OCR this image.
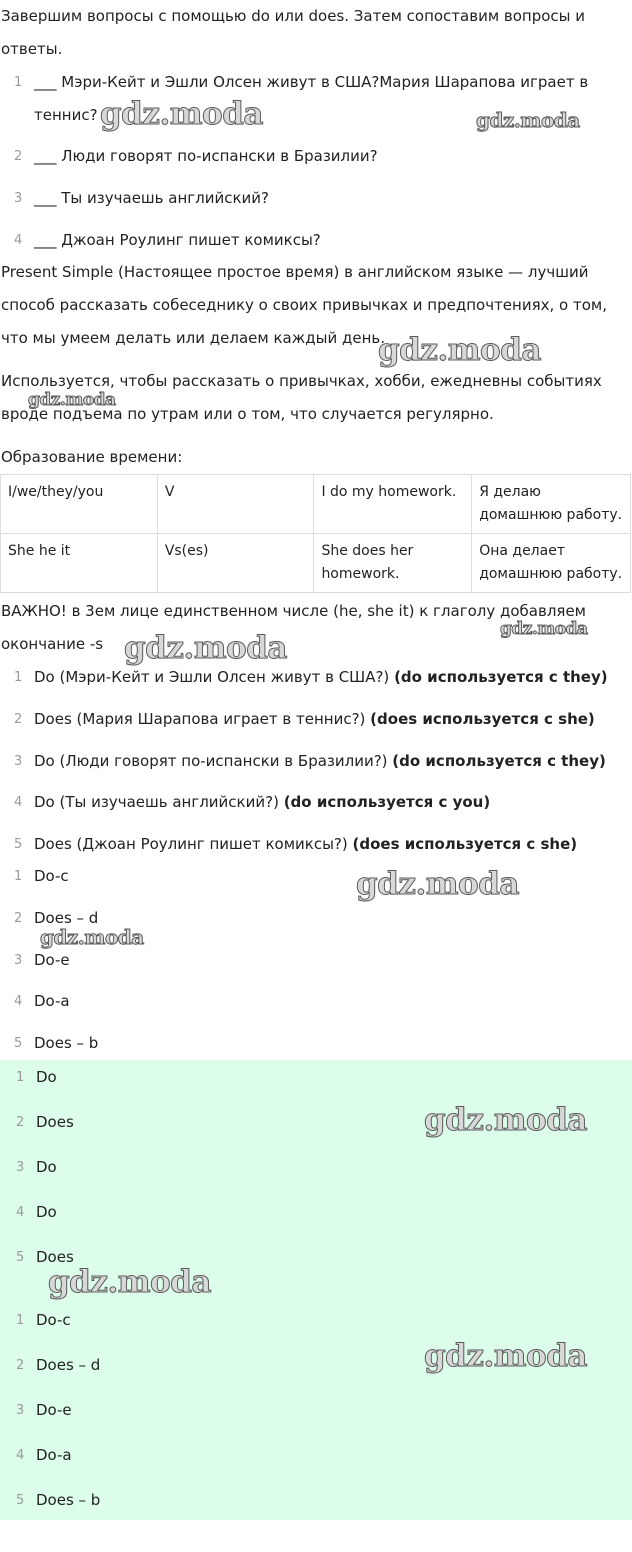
Завершим вопросы с помощью do или does. Затем сопоставим вопросы и ответы.

1 ___ Мэри-Кейт и Эшли Олсен живут в США?Мария Шарапова играет в теннис?
2 ___ Люди говорят по-испански в Бразилии?
3 ___ Ты изучаешь английский?
4 ___ Джоан Роулинг пишет комиксы?

Present Simple (Настоящее простое время) в английском языке — лучший способ рассказать собеседнику о своих привычках и предпочтениях, о том, что мы умеем делать или делаем каждый день.

Используется, чтобы рассказать о привычках, хобби, ежедневны событиях вроде подъема по утрам или о том, что случается регулярно.

Образование времени:

I/we/they/you	V	I do my homework.	Я делаю домашнюю работу.
She he it	Vs(es)	She does her homework.	Она делает домашнюю работу.

ВАЖНО! в 3ем лице единственном числе (he, she it) к глаголу добавляем окончание -s

1 Do (Мэри-Кейт и Эшли Олсен живут в США?) (do используется с they)
2 Does (Мария Шарапова играет в теннис?) (does используется с she)
3 Do (Люди говорят по-испански в Бразилии?) (do используется с they)
4 Do (Ты изучаешь английский?) (do используется с you)
5 Does (Джоан Роулинг пишет комиксы?) (does используется с she)
1 Do-c
2 Does – d
3 Do-e
4 Do-a
5 Does – b
1 Do
2 Does
3 Do
4 Do
5 Does
1 Do-c
2 Does – d
3 Do-e
4 Do-a
5 Does – b
gdz.moda	gdz.moda
gdz.moda
gdz.moda
gdz.moda
gdz.moda
gdz.moda
gdz.moda
gdz.moda
gdz.moda
gdz.moda
